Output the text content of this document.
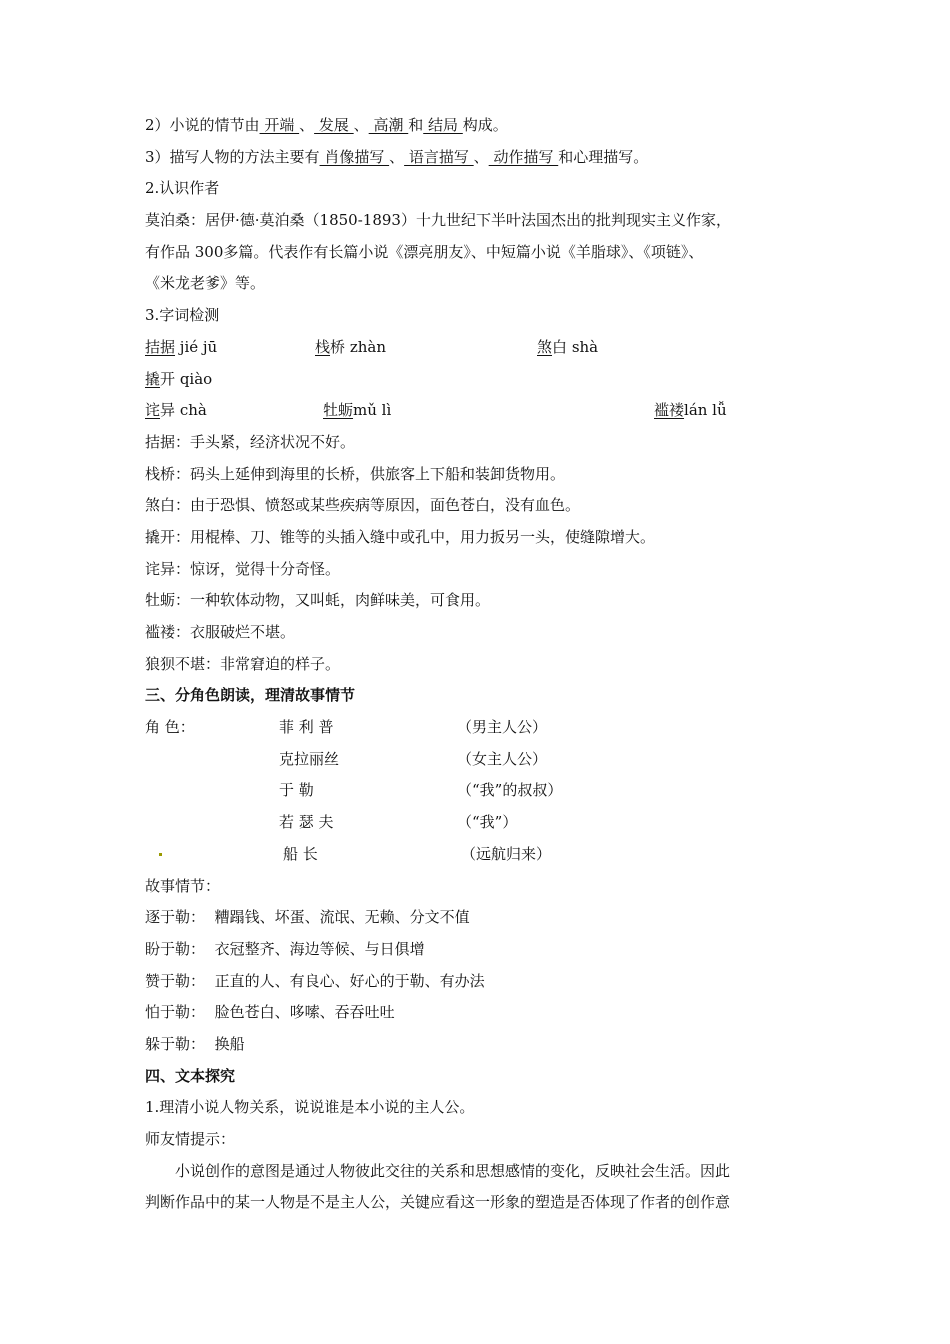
2）小说的情节由 开端 、 发展 、 高潮 和 结局 构成。
3）描写人物的方法主要有 肖像描写 、 语言描写 、 动作描写 和心理描写。
2.认识作者
莫泊桑：居伊·德·莫泊桑（1850-1893）十九世纪下半叶法国杰出的批判现实主义作家，
有作品 300多篇。代表作有长篇小说《漂亮朋友》、中短篇小说《羊脂球》、《项链》、
《米龙老爹》等。
3.字词检测
拮据 jié jū	栈桥 zhàn	煞白 shà
撬开 qiào
诧异 chà	牡蛎mǔ lì	褴褛lán lǚ
拮据：手头紧，经济状况不好。
栈桥：码头上延伸到海里的长桥，供旅客上下船和装卸货物用。
煞白：由于恐惧、愤怒或某些疾病等原因，面色苍白，没有血色。
撬开：用棍棒、刀、锥等的头插入缝中或孔中，用力扳另一头，使缝隙增大。
诧异：惊讶，觉得十分奇怪。
牡蛎：一种软体动物，又叫蚝，肉鲜味美，可食用。
褴褛：衣服破烂不堪。
狼狈不堪：非常窘迫的样子。
三、分角色朗读，理清故事情节
角 色：	菲 利 普	（男主人公）
克拉丽丝	（女主人公）
于 勒	（“我”的叔叔）
若 瑟 夫	（“我”）
船 长	（远航归来）
故事情节：
逐于勒： 糟蹋钱、坏蛋、流氓、无赖、分文不值
盼于勒： 衣冠整齐、海边等候、与日俱增
赞于勒： 正直的人、有良心、好心的于勒、有办法
怕于勒： 脸色苍白、哆嗦、吞吞吐吐
躲于勒： 换船
四、文本探究
1.理清小说人物关系，说说谁是本小说的主人公。
师友情提示：
小说创作的意图是通过人物彼此交往的关系和思想感情的变化，反映社会生活。因此
判断作品中的某一人物是不是主人公，关键应看这一形象的塑造是否体现了作者的创作意
